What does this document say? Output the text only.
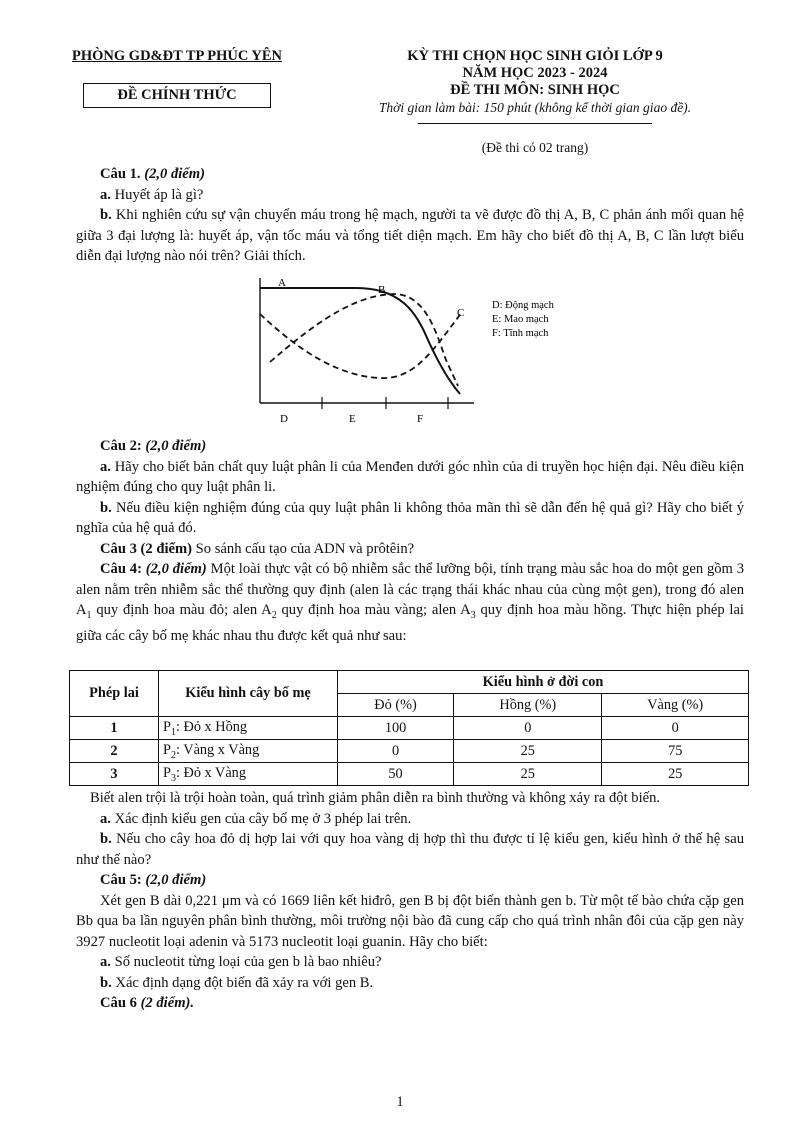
PHÒNG GD&ĐT TP PHÚC YÊN
ĐỀ CHÍNH THỨC
KỲ THI CHỌN HỌC SINH GIỎI LỚP 9
NĂM HỌC 2023 - 2024
ĐỀ THI MÔN: SINH HỌC
Thời gian làm bài: 150 phút (không kể thời gian giao đề).
(Đề thi có 02 trang)

Câu 1. (2,0 điểm)

a. Huyết áp là gì?

b. Khi nghiên cứu sự vận chuyển máu trong hệ mạch, người ta vẽ được đồ thị A, B, C phản ánh mối quan hệ giữa 3 đại lượng là: huyết áp, vận tốc máu và tổng tiết diện mạch. Em hãy cho biết đồ thị A, B, C lần lượt biểu diễn đại lượng nào nói trên? Giải thích.

A
B
C
D	E	F
D: Động mạch
E: Mao mạch
F: Tĩnh mạch

Câu 2: (2,0 điểm)

a. Hãy cho biết bản chất quy luật phân li của Menđen dưới góc nhìn của di truyền học hiện đại. Nêu điều kiện nghiệm đúng cho quy luật phân li.

b. Nếu điều kiện nghiệm đúng của quy luật phân li không thỏa mãn thì sẽ dẫn đến hệ quả gì? Hãy cho biết ý nghĩa của hệ quả đó.

Câu 3 (2 điểm) So sánh cấu tạo của ADN và prôtêin?

Câu 4: (2,0 điểm) Một loài thực vật có bộ nhiễm sắc thể lưỡng bội, tính trạng màu sắc hoa do một gen gồm 3 alen nằm trên nhiễm sắc thể thường quy định (alen là các trạng thái khác nhau của cùng một gen), trong đó alen $A_1$ quy định hoa màu đỏ; alen $A_2$ quy định hoa màu vàng; alen $A_3$ quy định hoa màu hồng. Thực hiện phép lai giữa các cây bố mẹ khác nhau thu được kết quả như sau:

Phép lai	Kiểu hình cây bố mẹ	Kiểu hình ở đời con		
		Đỏ (%)	Hồng (%)	Vàng (%)
1	$P_1$: Đỏ x Hồng	100	0	0
2	$P_2$: Vàng x Vàng	0	25	75
3	$P_3$: Đỏ x Vàng	50	25	25

Biết alen trội là trội hoàn toàn, quá trình giảm phân diễn ra bình thường và không xảy ra đột biến.

a. Xác định kiểu gen của cây bố mẹ ở 3 phép lai trên.

b. Nếu cho cây hoa đỏ dị hợp lai với quy hoa vàng dị hợp thì thu được tỉ lệ kiểu gen, kiểu hình ở thế hệ sau như thế nào?

Câu 5: (2,0 điểm)

Xét gen B dài 0,221 μm và có 1669 liên kết hiđrô, gen B bị đột biến thành gen b. Từ một tế bào chứa cặp gen Bb qua ba lần nguyên phân bình thường, môi trường nội bào đã cung cấp cho quá trình nhân đôi của cặp gen này 3927 nucleotit loại adenin và 5173 nucleotit loại guanin. Hãy cho biết:

a. Số nucleotit từng loại của gen b là bao nhiêu?

b. Xác định dạng đột biến đã xảy ra với gen B.

Câu 6 (2 điểm).

1
